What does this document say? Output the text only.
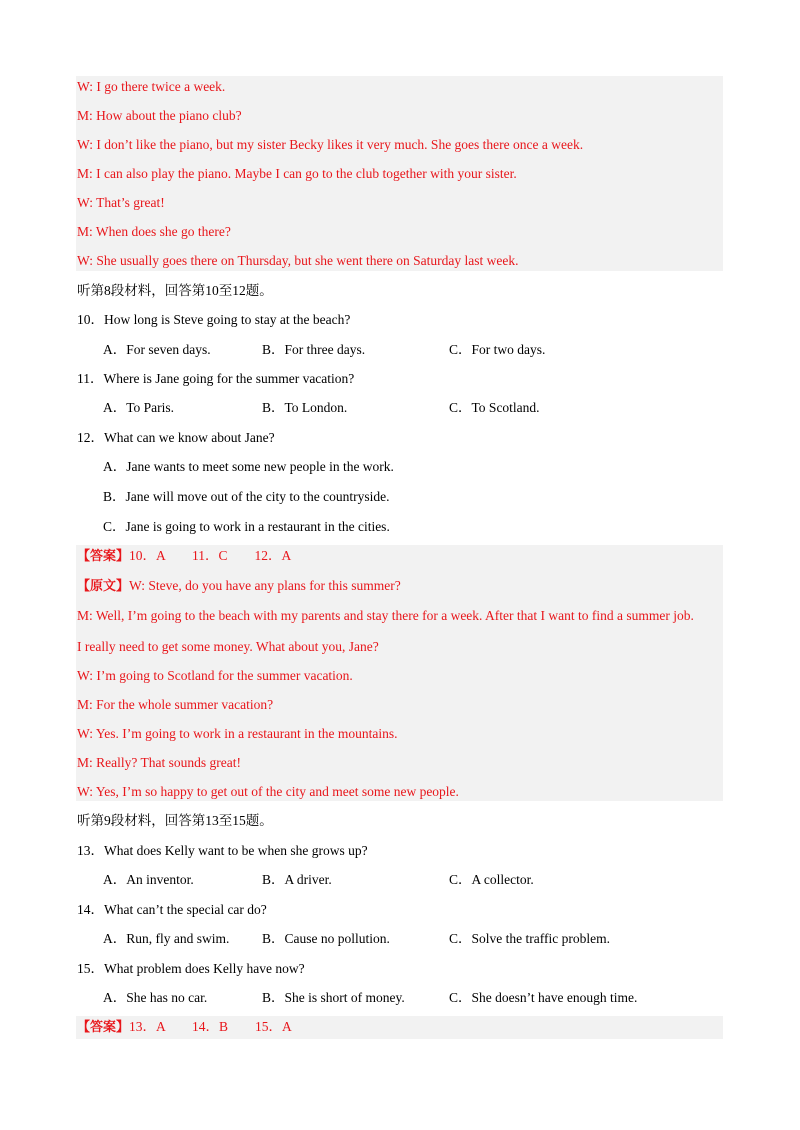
W: I go there twice a week.
M: How about the piano club?
W: I don’t like the piano, but my sister Becky likes it very much. She goes there once a week.
M: I can also play the piano. Maybe I can go to the club together with your sister.
W: That’s great!
M: When does she go there?
W: She usually goes there on Thursday, but she went there on Saturday last week.
听第8段材料，回答第10至12题。
10．How long is Steve going to stay at the beach?
A．For seven days.	B．For three days.	C．For two days.
11．Where is Jane going for the summer vacation?
A．To Paris.	B．To London.	C．To Scotland.
12．What can we know about Jane?
A．Jane wants to meet some new people in the work.
B．Jane will move out of the city to the countryside.
C．Jane is going to work in a restaurant in the cities.
【答案】10．A　　11．C　　12．A
【原文】W: Steve, do you have any plans for this summer?
M: Well, I’m going to the beach with my parents and stay there for a week. After that I want to find a summer job.
I really need to get some money. What about you, Jane?
W: I’m going to Scotland for the summer vacation.
M: For the whole summer vacation?
W: Yes. I’m going to work in a restaurant in the mountains.
M: Really? That sounds great!
W: Yes, I’m so happy to get out of the city and meet some new people.
听第9段材料，回答第13至15题。
13．What does Kelly want to be when she grows up?
A．An inventor.	B．A driver.	C．A collector.
14．What can’t the special car do?
A．Run, fly and swim. B．Cause no pollution.	C．Solve the traffic problem.
15．What problem does Kelly have now?
A．She has no car.	B．She is short of money.	C．She doesn’t have enough time.
【答案】13．A　　14．B　　15．A
